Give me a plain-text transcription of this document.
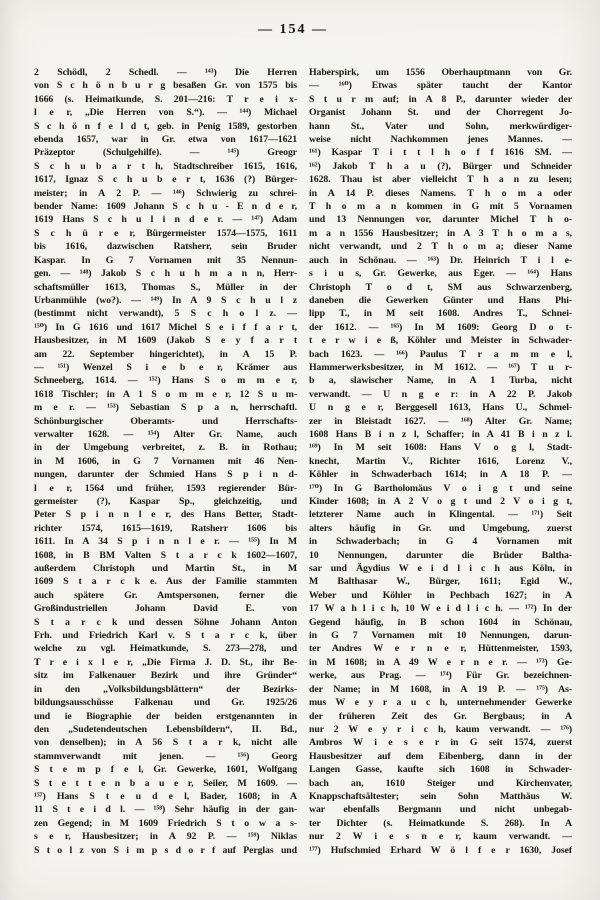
— 154 —
2 Schödl, 2 Schedl. — ¹⁴³) Die Herren
von S c h ö n b u r g besaßen Gr. von 1575 bis
1666 (s. Heimatkunde, S. 201—216: T r e i x-
l e r, „Die Herren von S.“). — ¹⁴⁴) Michael
S c h ö n f e l d t, geb. in Penig 1589, gestorben
ebenda 1657, war in Gr. etwa von 1617—1621
Präzeptor (Schulgehilfe). — ¹⁴⁵) Greogr
S c h u b a r t h, Stadtschreiber 1615, 1616,
1617, Ignaz S c h u b e r t, 1636 (?) Bürger-
meister; in A 2 P. — ¹⁴⁶) Schwierig zu schrei-
bender Name: 1609 Johann S c h u - E n d e r,
1619 Hans S c h u l i n d e r. — ¹⁴⁷) Adam
S c h ü r e r, Bürgermeister 1574—1575, 1611
bis 1616, dazwischen Ratsherr, sein Bruder
Kaspar. In G 7 Vornamen mit 35 Nennun-
gen. — ¹⁴⁸) Jakob S c h u h m a n n, Herr-
schaftsmüller 1613, Thomas S., Müller in der
Urbanmühle (wo?). — ¹⁴⁹) In A 9 S c h u l z
(bestimmt nicht verwandt), 5 S c h o l z. —
¹⁵⁰) In G 1616 und 1617 Michel S e i f f a r t,
Hausbesitzer, in M 1609 (Jakob S e y f a r t
am 22. September hingerichtet), in A 15 P.
— ¹⁵¹) Wenzel S i e b e r, Krämer aus
Schneeberg, 1614. — ¹⁵²) Hans S o m m e r,
1618 Tischler; in A 1 S o m m e r, 12 S u m-
m e r. — ¹⁵³) Sebastian S p a n, herrschaftl.
Schönburgischer Oberamts- und Herrschafts-
verwalter 1628. — ¹⁵⁴) Alter Gr. Name, auch
in der Umgebung verbreitet, z. B. in Rothau;
in M 1606, in G 7 Vornamen mit 46 Nen-
nungen, darunter der Schmied Hans S p i n d-
l e r, 1564 und früher, 1593 regierender Bür-
germeister (?), Kaspar Sp., gleichzeitig, und
Peter S p i n n l e r, des Hans Better, Stadt-
richter 1574, 1615—1619, Ratsherr 1606 bis
1611. In A 34 S p i n n l e r. — ¹⁵⁵) In M
1608, in B BM Valten S t a r c k 1602—1607,
außerdem Christoph und Martin St., in M
1609 S t a r c k e. Aus der Familie stammten
auch spätere Gr. Amtspersonen, ferner die
Großindustriellen Johann David E. von
S t a r c k und dessen Söhne Johann Anton
Frh. und Friedrich Karl v. S t a r c k, über
welche zu vgl. Heimatkunde, S. 273—278, und
T r e i x l e r, „Die Firma J. D. St., ihr Be-
sitz im Falkenauer Bezirk und ihre Gründer“
in den „Volksbildungsblättern“ der Bezirks-
bildungsausschüsse Falkenau und Gr. 1925/26
und ie Biographie der beiden erstgenannten in
den „Sudetendeutschen Lebensbildern“, II. Bd.,
von denselben); in A 56 S t a r k, nicht alle
stammverwandt mit jenen. — ¹⁵⁶) Georg
S t e m p f e l, Gr. Gewerke, 1601, Wolfgang
S t e t t e n b a u e r, Seiler, M 1609. —
¹⁵⁷) Hans S t e u d e l, Bader, 1608; in A
11 S t e i d l. — ¹⁵⁸) Sehr häufig in der gan-
zen Gegend; in M 1609 Friedrich S t o w a s-
s e r, Hausbesitzer; in A 92 P. — ¹⁵⁹) Niklas
S t o l z von S i m p s d o r f auf Perglas und
Haberspirk, um 1556 Oberhauptmann von Gr.
— ¹⁶⁰) Etwas später taucht der Kantor
S t u r m auf; in A 8 P., darunter wieder der
Organist Johann St. und der Chorregent Jo-
hann St., Vater und Sohn, merkwürdiger-
weise nicht Nachkommen jenes Mannes. —
¹⁶¹) Kaspar T i t t l h o f f 1616 SM. —
¹⁶²) Jakob T h a u (?), Bürger und Schneider
1628. Thau ist aber vielleicht T h a n zu lesen;
in A 14 P. dieses Namens. T h o m a oder
T h o m a n kommen in G mit 5 Vornamen
und 13 Nennungen vor, darunter Michel T h o-
m a n 1556 Hausbesitzer; in A 3 T h o m a s,
nicht verwandt, und 2 T h o m a; dieser Name
auch in Schönau. — ¹⁶³) Dr. Heinrich T i l e-
s i u s, Gr. Gewerke, aus Eger. — ¹⁶⁴) Hans
Christoph T o d t, SM aus Schwarzenberg,
daneben die Gewerken Günter und Hans Phi-
lipp T., in M seit 1608. Andres T., Schnei-
der 1612. — ¹⁶⁵) In M 1609: Georg D o t-
t e r w i e ß, Köhler und Meister in Schwader-
bach 1623. — ¹⁶⁶) Paulus T r a m m e l,
Hammerwerksbesitzer, in M 1612. — ¹⁶⁷) T u r-
b a, slawischer Name, in A 1 Turba, nicht
verwandt. — U n g e r: in A 22 P. Jakob
U n g e r, Berggesell 1613, Hans U., Schmel-
zer in Bleistadt 1627. — ¹⁶⁸) Alter Gr. Name;
1608 Hans B i n z l, Schaffer; in A 41 B i n z l.
¹⁶⁹) In M seit 1608: Hans V o g l, Stadt-
knecht, Martin V., Richter 1616, Lorenz V.,
Köhler in Schwaderbach 1614; in A 18 P. —
¹⁷⁰) In G Bartholomäus V o i g t und seine
Kinder 1608; in A 2 V o g t und 2 V o i g t,
letzterer Name auch in Klingental. — ¹⁷¹) Seit
alters häufig in Gr. und Umgebung, zuerst
in Schwaderbach; in G 4 Vornamen mit
10 Nennungen, darunter die Brüder Baltha-
sar und Ägydius W e i d l i c h aus Köln, in
M Balthasar W., Bürger, 1611; Egid W.,
Weber und Köhler in Pechbach 1627; in A
17 W a h l i c h, 10 W e i d l i c h. — ¹⁷²) In der
Gegend häufig, in B schon 1604 in Schönau,
in G 7 Vornamen mit 10 Nennungen, darun-
ter Andres W e r n e r, Hüttenmeister, 1593,
in M 1608; in A 49 W e r n e r. — ¹⁷³) Ge-
werke, aus Prag. — ¹⁷⁴) Für Gr. bezeichnen-
der Name; in M 1608, in A 19 P. — ¹⁷⁵) As-
mus W e y r a u c h, unternehmender Gewerke
der früheren Zeit des Gr. Bergbaus; in A
nur 2 W e y r i c h, kaum verwandt. — ¹⁷⁶)
Ambros W i e s e r in G seit 1574, zuerst
Hausbesitzer auf dem Eibenberg, dann in der
Langen Gasse, kaufte sich 1608 in Schwader-
bach an, 1610 Steiger und Kirchenvater,
Knappschaftsältester; sein Sohn Matthäus W.
war ebenfalls Bergmann und nicht unbegab-
ter Dichter (s. Heimatkunde S. 268). In A
nur 2 W i e s n e r, kaum verwandt. —
¹⁷⁷) Hufschmied Erhard W ö l f e r 1630, Josef
